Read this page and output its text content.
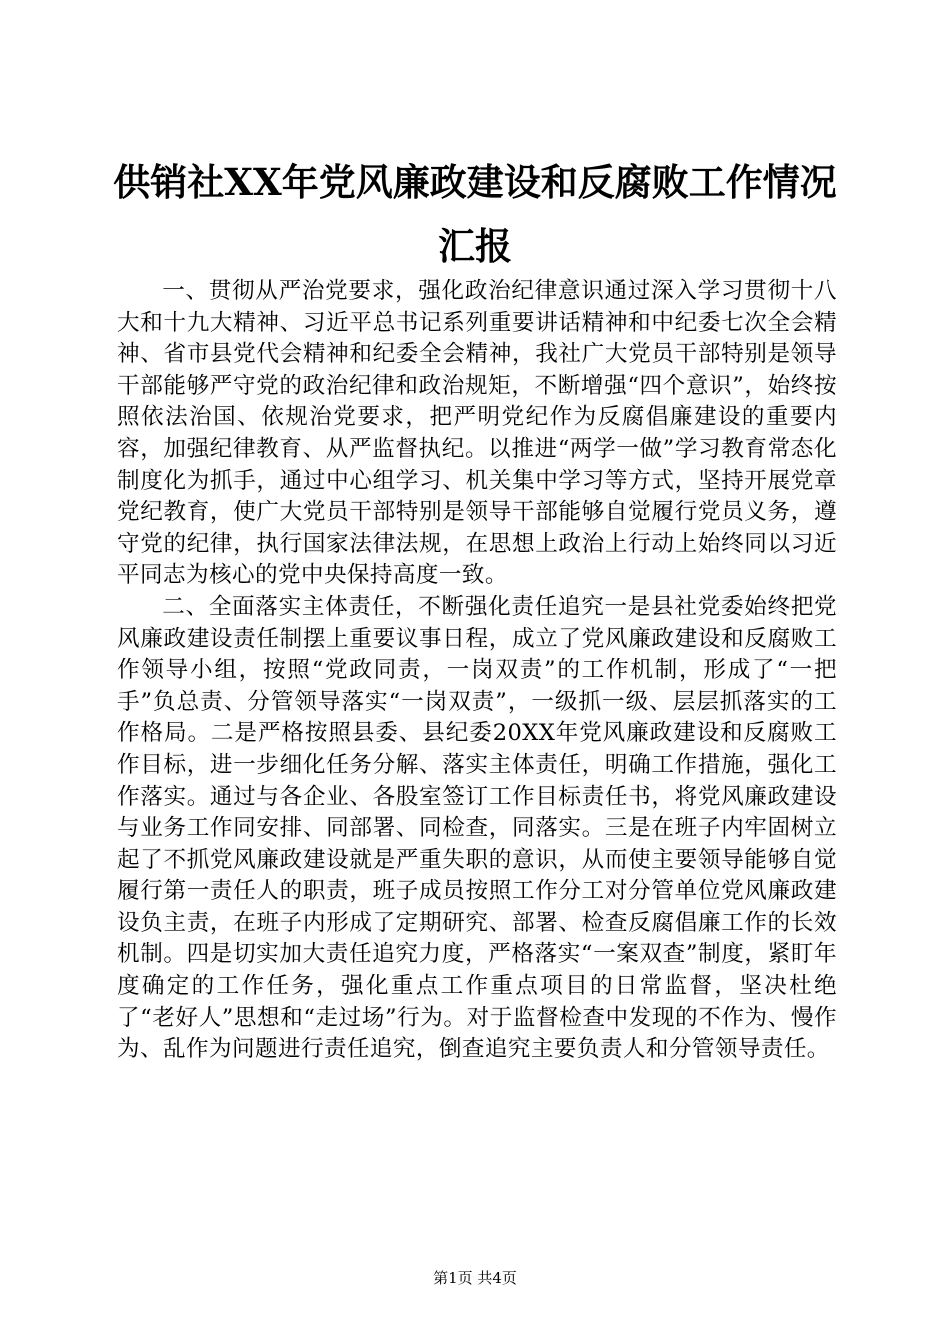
供销社XX年党风廉政建设和反腐败工作情况汇报

一、贯彻从严治党要求，强化政治纪律意识通过深入学习贯彻十八大和十九大精神、习近平总书记系列重要讲话精神和中纪委七次全会精神、省市县党代会精神和纪委全会精神，我社广大党员干部特别是领导干部能够严守党的政治纪律和政治规矩，不断增强“四个意识”，始终按照依法治国、依规治党要求，把严明党纪作为反腐倡廉建设的重要内容，加强纪律教育、从严监督执纪。以推进“两学一做”学习教育常态化制度化为抓手，通过中心组学习、机关集中学习等方式，坚持开展党章党纪教育，使广大党员干部特别是领导干部能够自觉履行党员义务，遵守党的纪律，执行国家法律法规，在思想上政治上行动上始终同以习近平同志为核心的党中央保持高度一致。

二、全面落实主体责任，不断强化责任追究一是县社党委始终把党风廉政建设责任制摆上重要议事日程，成立了党风廉政建设和反腐败工作领导小组，按照“党政同责，一岗双责”的工作机制，形成了“一把手”负总责、分管领导落实“一岗双责”，一级抓一级、层层抓落实的工作格局。二是严格按照县委、县纪委20XX年党风廉政建设和反腐败工作目标，进一步细化任务分解、落实主体责任，明确工作措施，强化工作落实。通过与各企业、各股室签订工作目标责任书，将党风廉政建设与业务工作同安排、同部署、同检查，同落实。三是在班子内牢固树立起了不抓党风廉政建设就是严重失职的意识，从而使主要领导能够自觉履行第一责任人的职责，班子成员按照工作分工对分管单位党风廉政建设负主责，在班子内形成了定期研究、部署、检查反腐倡廉工作的长效机制。四是切实加大责任追究力度，严格落实“一案双查”制度，紧盯年度确定的工作任务，强化重点工作重点项目的日常监督，坚决杜绝了“老好人”思想和“走过场”行为。对于监督检查中发现的不作为、慢作为、乱作为问题进行责任追究，倒查追究主要负责人和分管领导责任。

第1页 共4页
